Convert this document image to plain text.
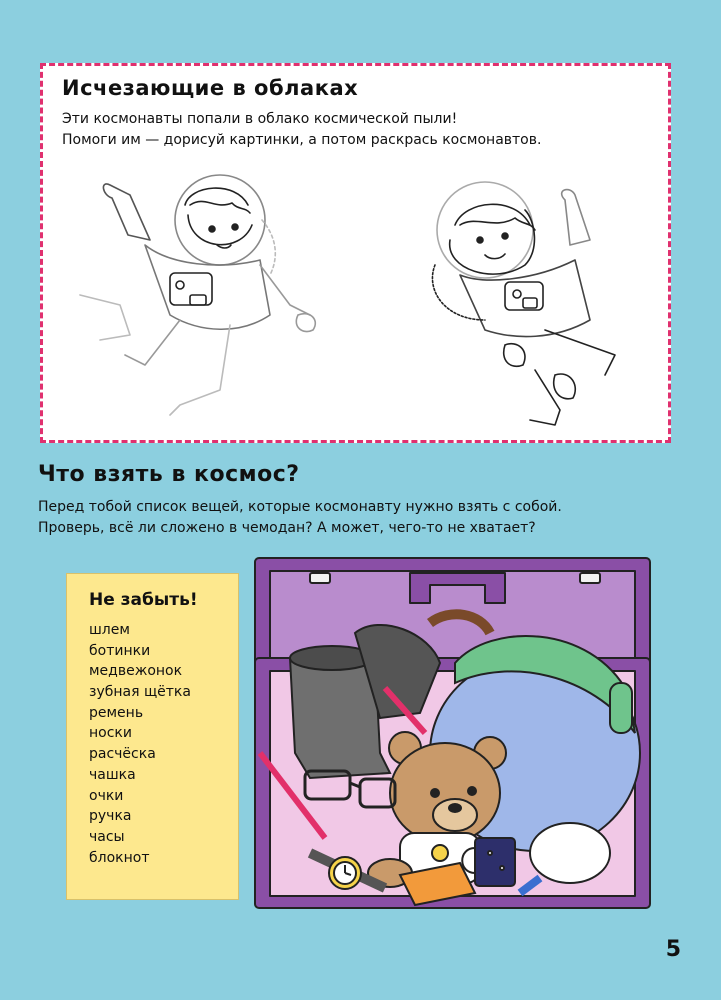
Исчезающие в облаках
Эти космонавты попали в облако космической пыли!
Помоги им — дорисуй картинки, а потом раскрась космонавтов.
Что взять в космос?
Перед тобой список вещей, которые космонавту нужно взять с собой.
Проверь, всё ли сложено в чемодан? А может, чего-то не хватает?
Не забыть!
шлем
ботинки
медвежонок
зубная щётка
ремень
носки
расчёска
чашка
очки
ручка
часы
блокнот
5
